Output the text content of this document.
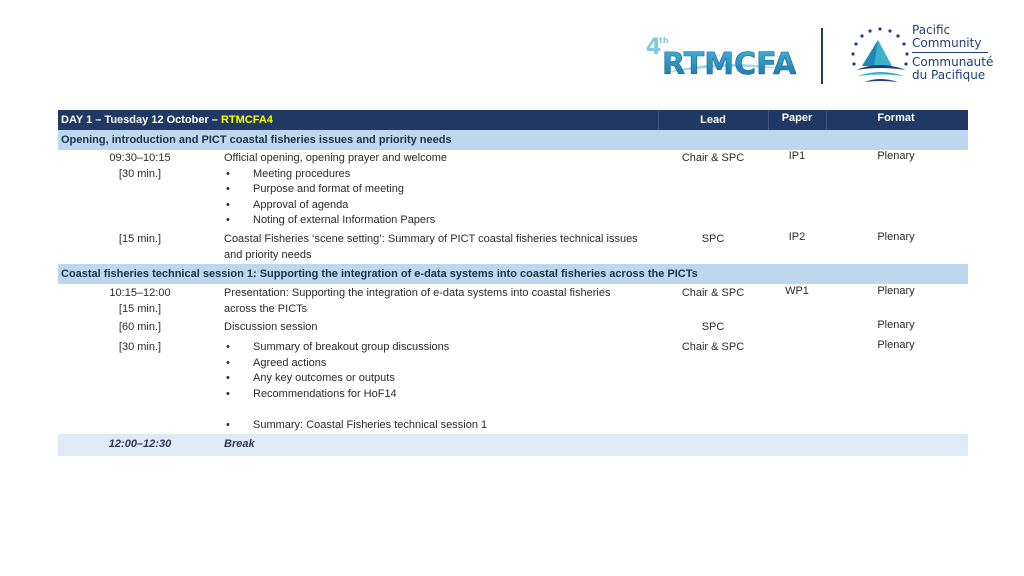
4
th
RTMCFA
Pacific
Community
Communauté
du Pacifique
DAY 1 – Tuesday 12 October – RTMCFA4	Lead	Paper	Format
Opening, introduction and PICT coastal fisheries issues and priority needs
09:30–10:15
[30 min.]
Official opening, opening prayer and welcome
• Meeting procedures
• Purpose and format of meeting
• Approval of agenda
• Noting of external Information Papers
Chair & SPC	IP1	Plenary
[15 min.]	Coastal Fisheries ‘scene setting’: Summary of PICT coastal fisheries technical issues
and priority needs
SPC	IP2	Plenary
Coastal fisheries technical session 1: Supporting the integration of e-data systems into coastal fisheries across the PICTs
10:15–12:00
[15 min.]
Presentation: Supporting the integration of e-data systems into coastal fisheries
across the PICTs
Chair & SPC	WP1	Plenary
[60 min.]	Discussion session	SPC	Plenary
[30 min.]
•	Summary of breakout group discussions
• Agreed actions
• Any key outcomes or outputs
• Recommendations for HoF14
• Summary: Coastal Fisheries technical session 1
Chair & SPC	Plenary
12:00–12:30	Break
